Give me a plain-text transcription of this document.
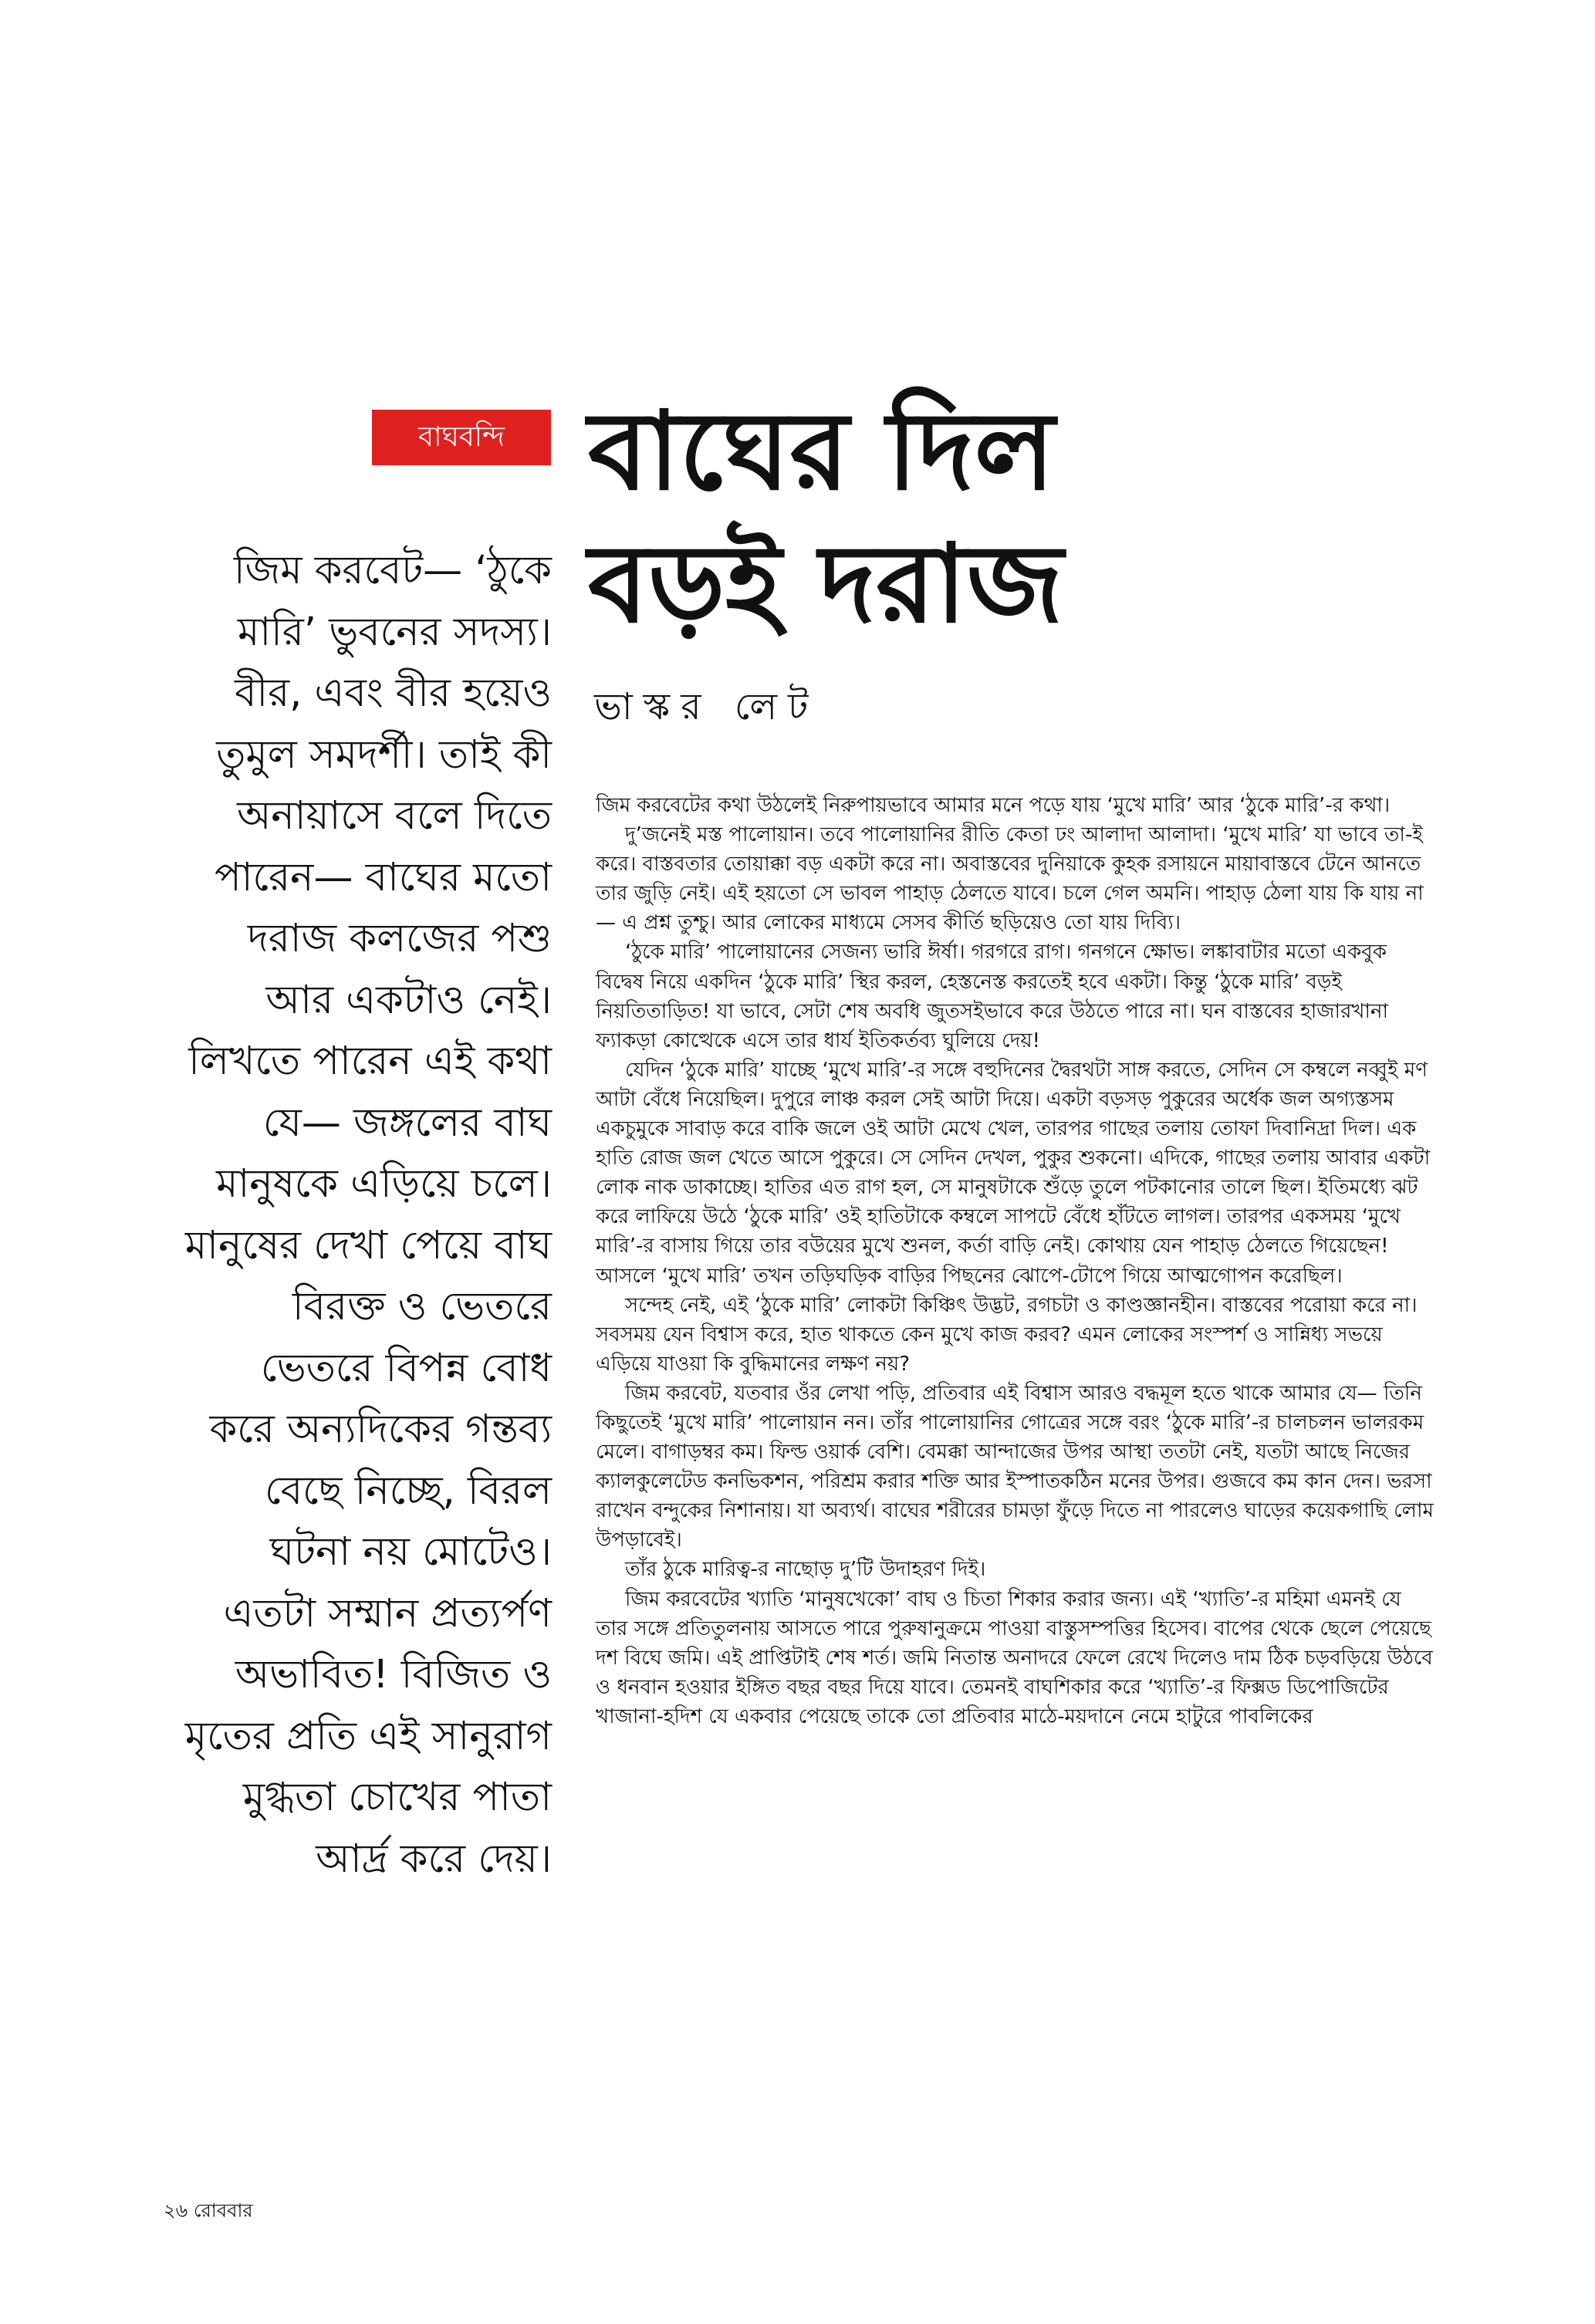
বাঘবন্দি বাঘের দিল
বড়ই দরাজ
ভাস্কর লেট
জিম করবেট— ‘ঠুকে
মারি’ ভুবনের সদস্য।
বীর, এবং বীর হয়েও
তুমুল সমদর্শী। তাই কী
অনায়াসে বলে দিতে
পারেন— বাঘের মতো
দরাজ কলজের পশু
আর একটাও নেই।
লিখতে পারেন এই কথা
যে— জঙ্গলের বাঘ
মানুষকে এড়িয়ে চলে।
মানুষের দেখা পেয়ে বাঘ
বিরক্ত ও ভেতরে
ভেতরে বিপন্ন বোধ
করে অন্যদিকের গন্তব্য
বেছে নিচ্ছে, বিরল
ঘটনা নয় মোটেও।
এতটা সম্মান প্রত্যর্পণ
অভাবিত! বিজিত ও
মৃতের প্রতি এই সানুরাগ
মুগ্ধতা চোখের পাতা
আর্দ্র করে দেয়।

জিম করবেটের কথা উঠলেই নিরুপায়ভাবে আমার মনে পড়ে যায় ‘মুখে মারি’ আর ‘ঠুকে মারি’-র কথা।

দু’জনেই মস্ত পালোয়ান। তবে পালোয়ানির রীতি কেতা ঢং আলাদা আলাদা। ‘মুখে মারি’ যা ভাবে তা-ই করে। বাস্তবতার তোয়াক্কা বড় একটা করে না। অবাস্তবের দুনিয়াকে কুহক রসায়নে মায়াবাস্তবে টেনে আনতে তার জুড়ি নেই। এই হয়তো সে ভাবল পাহাড় ঠেলতে যাবে। চলে গেল অমনি। পাহাড় ঠেলা যায় কি যায় না— এ প্রশ্ন তুশ্চু। আর লোকের মাধ্যমে সেসব কীর্তি ছড়িয়েও তো যায় দিব্যি।

‘ঠুকে মারি’ পালোয়ানের সেজন্য ভারি ঈর্ষা। গরগরে রাগ। গনগনে ক্ষোভ। লঙ্কাবাটার মতো একবুক বিদ্বেষ নিয়ে একদিন ‘ঠুকে মারি’ স্থির করল, হেস্তনেস্ত করতেই হবে একটা। কিন্তু ‘ঠুকে মারি’ বড়ই নিয়তিতাড়িত! যা ভাবে, সেটা শেষ অবধি জুতসইভাবে করে উঠতে পারে না। ঘন বাস্তবের হাজারখানা ফ্যাকড়া কোত্থেকে এসে তার ধার্য ইতিকর্তব্য ঘুলিয়ে দেয়!

যেদিন ‘ঠুকে মারি’ যাচ্ছে ‘মুখে মারি’-র সঙ্গে বহুদিনের দ্বৈরথটা সাঙ্গ করতে, সেদিন সে কম্বলে নব্বুই মণ আটা বেঁধে নিয়েছিল। দুপুরে লাঞ্চ করল সেই আটা দিয়ে। একটা বড়সড় পুকুরের অর্ধেক জল অগ্যস্তসম একচুমুকে সাবাড় করে বাকি জলে ওই আটা মেখে খেল, তারপর গাছের তলায় তোফা দিবানিদ্রা দিল। এক হাতি রোজ জল খেতে আসে পুকুরে। সে সেদিন দেখল, পুকুর শুকনো। এদিকে, গাছের তলায় আবার একটা লোক নাক ডাকাচ্ছে। হাতির এত রাগ হল, সে মানুষটাকে শুঁড়ে তুলে পটকানোর তালে ছিল। ইতিমধ্যে ঝট করে লাফিয়ে উঠে ‘ঠুকে মারি’ ওই হাতিটাকে কম্বলে সাপটে বেঁধে হাঁটতে লাগল। তারপর একসময় ‘মুখে মারি’-র বাসায় গিয়ে তার বউয়ের মুখে শুনল, কর্তা বাড়ি নেই। কোথায় যেন পাহাড় ঠেলতে গিয়েছেন! আসলে ‘মুখে মারি’ তখন তড়িঘড়িক বাড়ির পিছনের ঝোপে-টোপে গিয়ে আত্মগোপন করেছিল।

সন্দেহ নেই, এই ‘ঠুকে মারি’ লোকটা কিঞ্চিৎ উদ্ভট, রগচটা ও কাণ্ডজ্ঞানহীন। বাস্তবের পরোয়া করে না। সবসময় যেন বিশ্বাস করে, হাত থাকতে কেন মুখে কাজ করব? এমন লোকের সংস্পর্শ ও সান্নিধ্য সভয়ে এড়িয়ে যাওয়া কি বুদ্ধিমানের লক্ষণ নয়?

জিম করবেট, যতবার ওঁর লেখা পড়ি, প্রতিবার এই বিশ্বাস আরও বদ্ধমূল হতে থাকে আমার যে— তিনি কিছুতেই ‘মুখে মারি’ পালোয়ান নন। তাঁর পালোয়ানির গোত্রের সঙ্গে বরং ‘ঠুকে মারি’-র চালচলন ভালরকম মেলে। বাগাড়ম্বর কম। ফিল্ড ওয়ার্ক বেশি। বেমক্কা আন্দাজের উপর আস্থা ততটা নেই, যতটা আছে নিজের ক্যালকুলেটেড কনভিকশন, পরিশ্রম করার শক্তি আর ইস্পাতকঠিন মনের উপর। গুজবে কম কান দেন। ভরসা রাখেন বন্দুকের নিশানায়। যা অব্যর্থ। বাঘের শরীরের চামড়া ফুঁড়ে দিতে না পারলেও ঘাড়ের কয়েকগাছি লোম উপড়াবেই।

তাঁর ঠুকে মারিত্ব-র নাছোড় দু’টি উদাহরণ দিই।

জিম করবেটের খ্যাতি ‘মানুষখেকো’ বাঘ ও চিতা শিকার করার জন্য। এই ‘খ্যাতি’-র মহিমা এমনই যে তার সঙ্গে প্রতিতুলনায় আসতে পারে পুরুষানুক্রমে পাওয়া বাস্তুসম্পত্তির হিসেব। বাপের থেকে ছেলে পেয়েছে দশ বিঘে জমি। এই প্রাপ্তিটাই শেষ শর্ত। জমি নিতান্ত অনাদরে ফেলে রেখে দিলেও দাম ঠিক চড়বড়িয়ে উঠবে ও ধনবান হওয়ার ইঙ্গিত বছর বছর দিয়ে যাবে। তেমনই বাঘশিকার করে ‘খ্যাতি’-র ফিক্সড ডিপোজিটের খাজানা-হদিশ যে একবার পেয়েছে তাকে তো প্রতিবার মাঠে-ময়দানে নেমে হাটুরে পাবলিকের

২৬ রোববার
